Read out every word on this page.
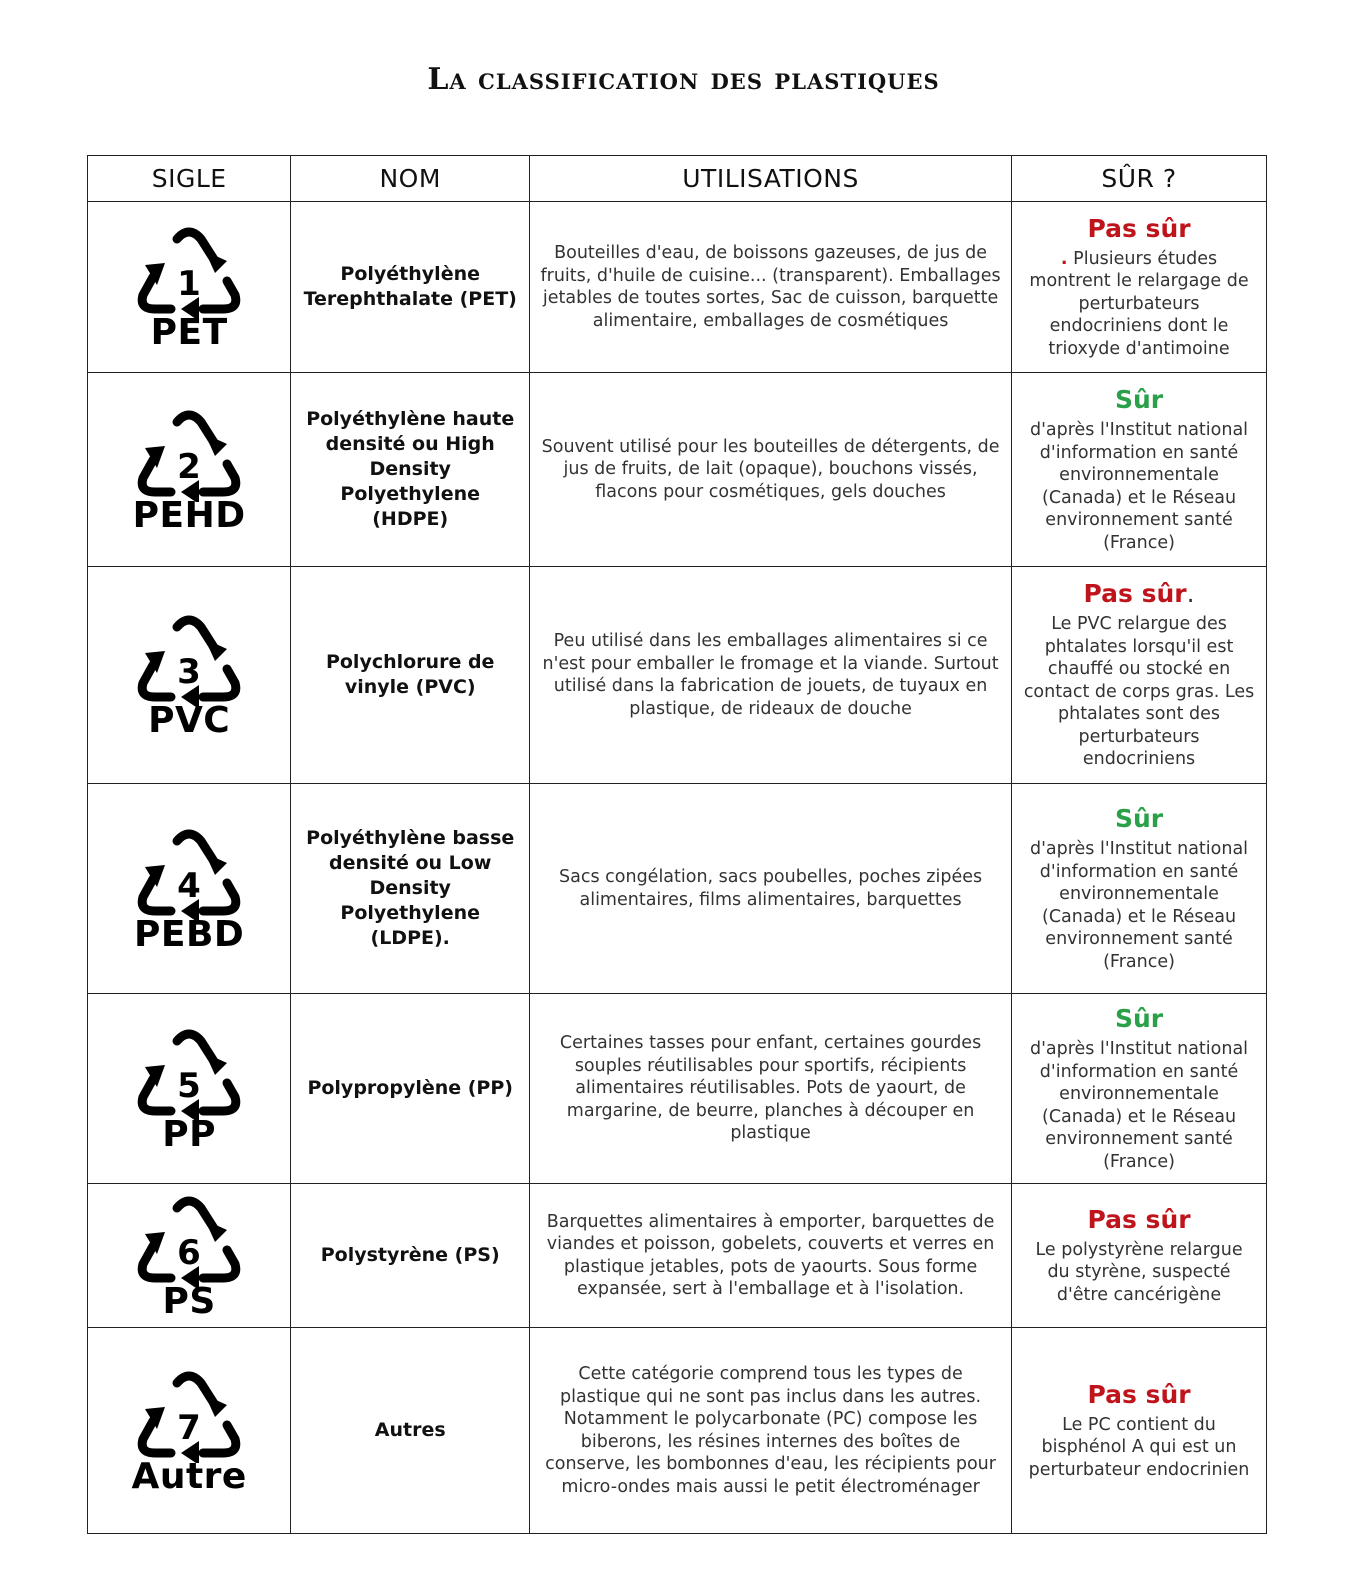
La classification des plastiques
SIGLE	NOM	UTILISATIONS	SÛR ?

1
PET	Polyéthylène Terephthalate (PET)	Bouteilles d'eau, de boissons gazeuses, de jus de fruits, d'huile de cuisine... (transparent). Emballages jetables de toutes sortes, Sac de cuisson, barquette alimentaire, emballages de cosmétiques	Pas sûr
. Plusieurs études montrent le relargage de perturbateurs endocriniens dont le trioxyde d'antimoine

2
PEHD	Polyéthylène haute densité ou High Density Polyethylene (HDPE)	Souvent utilisé pour les bouteilles de détergents, de jus de fruits, de lait (opaque), bouchons vissés, flacons pour cosmétiques, gels douches	Sûr
d'après l'Institut national d'information en santé environnementale (Canada) et le Réseau environnement santé (France)

3
PVC	Polychlorure de vinyle (PVC)	Peu utilisé dans les emballages alimentaires si ce n'est pour emballer le fromage et la viande. Surtout utilisé dans la fabrication de jouets, de tuyaux en plastique, de rideaux de douche	Pas sûr.
Le PVC relargue des phtalates lorsqu'il est chauffé ou stocké en contact de corps gras. Les phtalates sont des perturbateurs endocriniens

4
PEBD	Polyéthylène basse densité ou Low Density Polyethylene (LDPE).	Sacs congélation, sacs poubelles, poches zipées alimentaires, films alimentaires, barquettes	Sûr
d'après l'Institut national d'information en santé environnementale (Canada) et le Réseau environnement santé (France)

5
PP	Polypropylène (PP)	Certaines tasses pour enfant, certaines gourdes souples réutilisables pour sportifs, récipients alimentaires réutilisables. Pots de yaourt, de margarine, de beurre, planches à découper en plastique	Sûr
d'après l'Institut national d'information en santé environnementale (Canada) et le Réseau environnement santé (France)

6
PS	Polystyrène (PS)	Barquettes alimentaires à emporter, barquettes de viandes et poisson, gobelets, couverts et verres en plastique jetables, pots de yaourts. Sous forme expansée, sert à l'emballage et à l'isolation.	Pas sûr
Le polystyrène relargue du styrène, suspecté d'être cancérigène

7
Autre	Autres	Cette catégorie comprend tous les types de plastique qui ne sont pas inclus dans les autres. Notamment le polycarbonate (PC) compose les biberons, les résines internes des boîtes de conserve, les bombonnes d'eau, les récipients pour micro-ondes mais aussi le petit électroménager	Pas sûr
Le PC contient du bisphénol A qui est un perturbateur endocrinien
